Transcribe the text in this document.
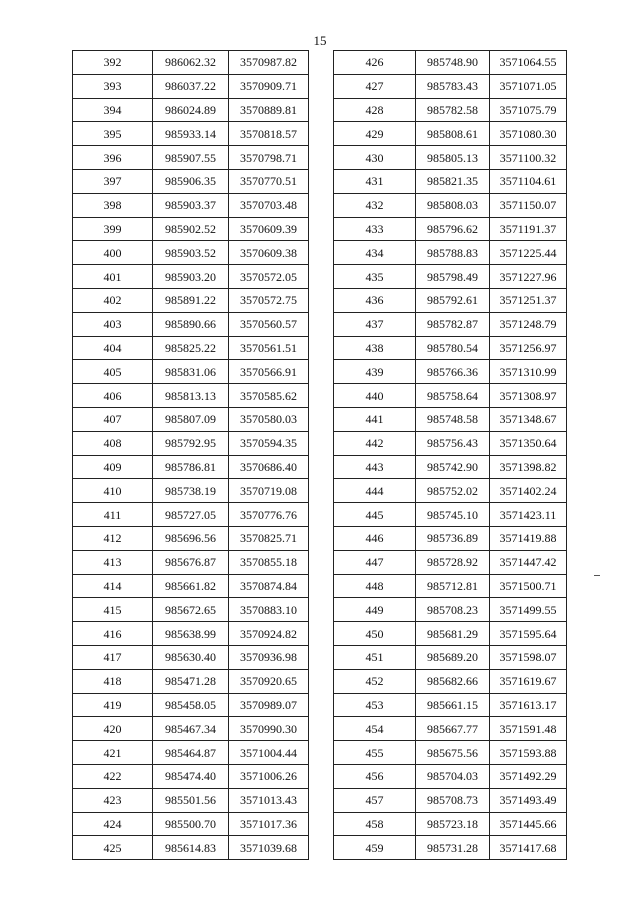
15
392	986062.32	3570987.82
393	986037.22	3570909.71
394	986024.89	3570889.81
395	985933.14	3570818.57
396	985907.55	3570798.71
397	985906.35	3570770.51
398	985903.37	3570703.48
399	985902.52	3570609.39
400	985903.52	3570609.38
401	985903.20	3570572.05
402	985891.22	3570572.75
403	985890.66	3570560.57
404	985825.22	3570561.51
405	985831.06	3570566.91
406	985813.13	3570585.62
407	985807.09	3570580.03
408	985792.95	3570594.35
409	985786.81	3570686.40
410	985738.19	3570719.08
411	985727.05	3570776.76
412	985696.56	3570825.71
413	985676.87	3570855.18
414	985661.82	3570874.84
415	985672.65	3570883.10
416	985638.99	3570924.82
417	985630.40	3570936.98
418	985471.28	3570920.65
419	985458.05	3570989.07
420	985467.34	3570990.30
421	985464.87	3571004.44
422	985474.40	3571006.26
423	985501.56	3571013.43
424	985500.70	3571017.36
425	985614.83	3571039.68
426	985748.90	3571064.55
427	985783.43	3571071.05
428	985782.58	3571075.79
429	985808.61	3571080.30
430	985805.13	3571100.32
431	985821.35	3571104.61
432	985808.03	3571150.07
433	985796.62	3571191.37
434	985788.83	3571225.44
435	985798.49	3571227.96
436	985792.61	3571251.37
437	985782.87	3571248.79
438	985780.54	3571256.97
439	985766.36	3571310.99
440	985758.64	3571308.97
441	985748.58	3571348.67
442	985756.43	3571350.64
443	985742.90	3571398.82
444	985752.02	3571402.24
445	985745.10	3571423.11
446	985736.89	3571419.88
447	985728.92	3571447.42
448	985712.81	3571500.71
449	985708.23	3571499.55
450	985681.29	3571595.64
451	985689.20	3571598.07
452	985682.66	3571619.67
453	985661.15	3571613.17
454	985667.77	3571591.48
455	985675.56	3571593.88
456	985704.03	3571492.29
457	985708.73	3571493.49
458	985723.18	3571445.66
459	985731.28	3571417.68
